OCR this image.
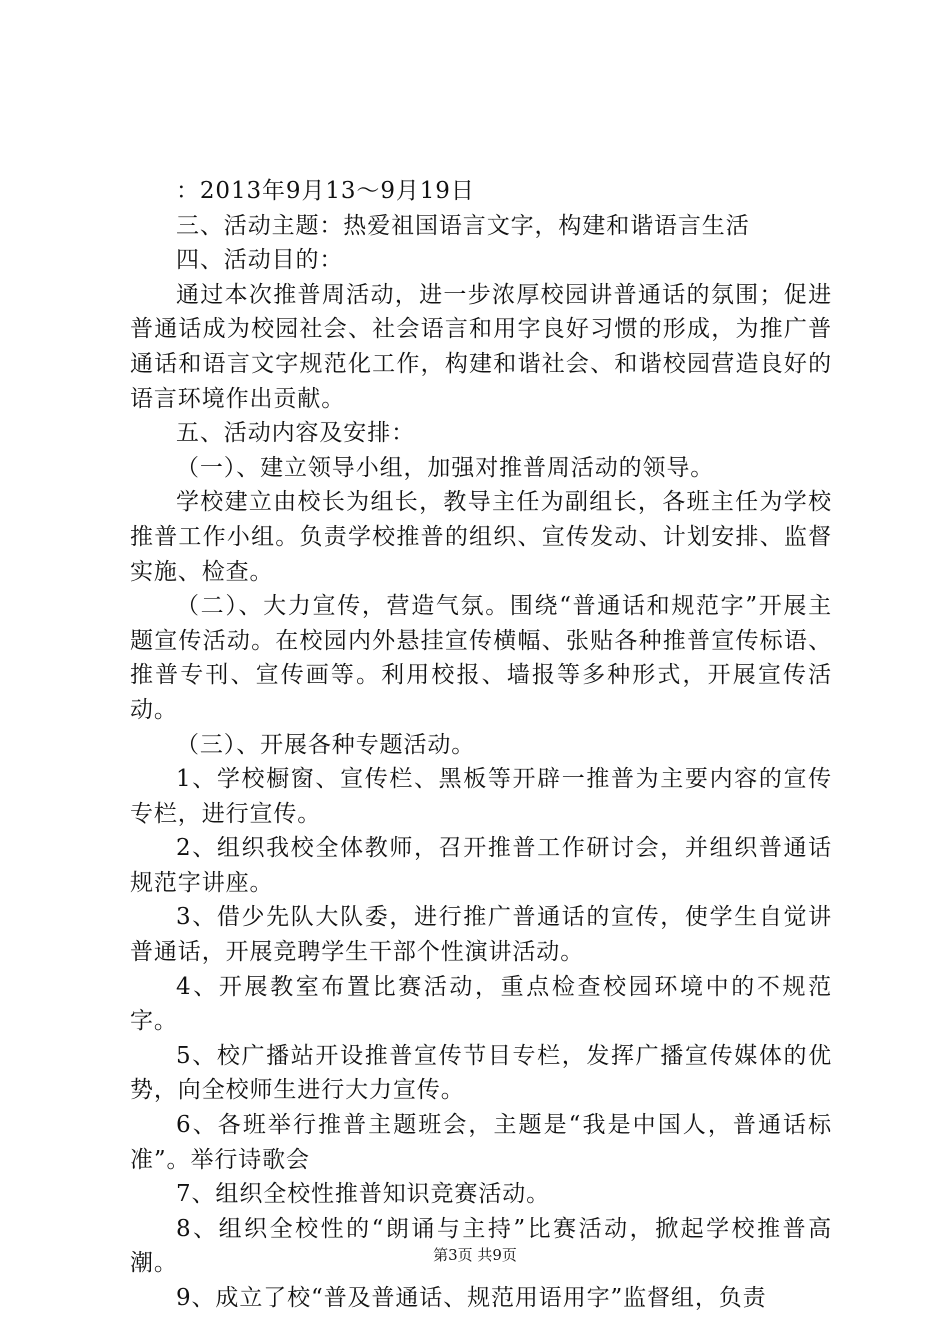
：2013年9月13～9月19日

三、活动主题：热爱祖国语言文字，构建和谐语言生活

四、活动目的：

通过本次推普周活动，进一步浓厚校园讲普通话的氛围；促进普通话成为校园社会、社会语言和用字良好习惯的形成，为推广普通话和语言文字规范化工作，构建和谐社会、和谐校园营造良好的语言环境作出贡献。

五、活动内容及安排：

（一）、建立领导小组，加强对推普周活动的领导。

学校建立由校长为组长，教导主任为副组长，各班主任为学校推普工作小组。负责学校推普的组织、宣传发动、计划安排、监督实施、检查。

（二）、大力宣传，营造气氛。围绕“普通话和规范字”开展主题宣传活动。在校园内外悬挂宣传横幅、张贴各种推普宣传标语、推普专刊、宣传画等。利用校报、墙报等多种形式，开展宣传活动。

（三）、开展各种专题活动。

1、学校橱窗、宣传栏、黑板等开辟一推普为主要内容的宣传专栏，进行宣传。

2、组织我校全体教师，召开推普工作研讨会，并组织普通话规范字讲座。

3、借少先队大队委，进行推广普通话的宣传，使学生自觉讲普通话，开展竞聘学生干部个性演讲活动。

4、开展教室布置比赛活动，重点检查校园环境中的不规范字。

5、校广播站开设推普宣传节目专栏，发挥广播宣传媒体的优势，向全校师生进行大力宣传。

6、各班举行推普主题班会，主题是“我是中国人，普通话标准”。举行诗歌会

7、组织全校性推普知识竞赛活动。

8、组织全校性的“朗诵与主持”比赛活动，掀起学校推普高潮。

9、成立了校“普及普通话、规范用语用字”监督组，负责

第3页 共9页
